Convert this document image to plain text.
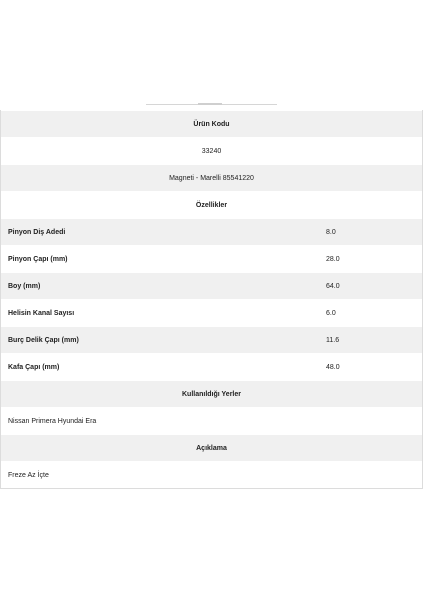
Ürün Kodu
33240
Magneti - Marelli 85541220
Özellikler
Pinyon Diş Adedi	8.0
Pinyon Çapı (mm)	28.0
Boy (mm)	64.0
Helisin Kanal Sayısı	6.0
Burç Delik Çapı (mm)	11.6
Kafa Çapı (mm)	48.0
Kullanıldığı Yerler
Nissan Primera Hyundai Era
Açıklama
Freze Az İçte
